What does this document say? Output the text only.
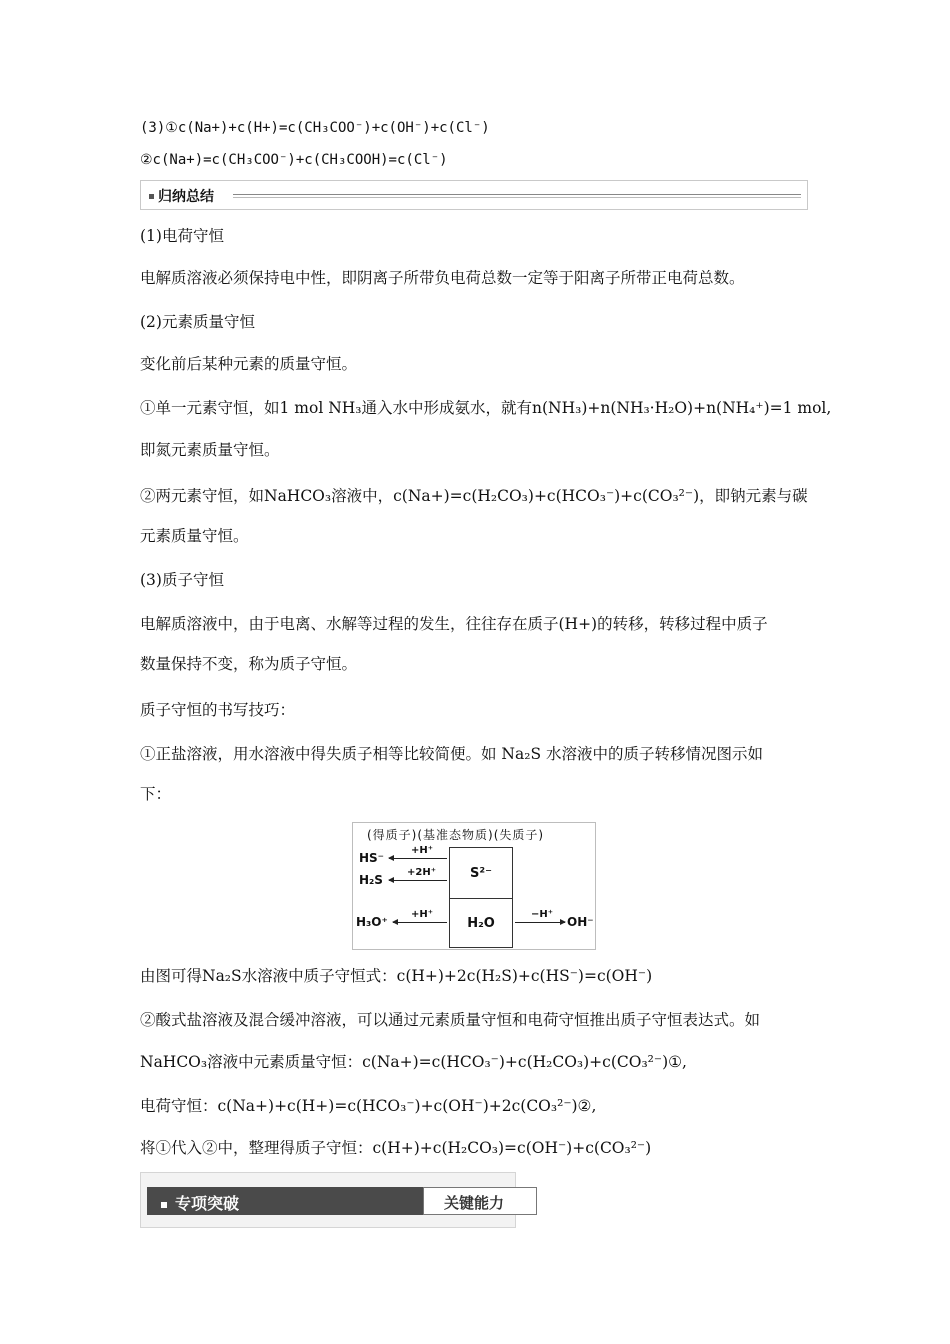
(3)①c(Na+)+c(H+)=c(CH₃COO⁻)+c(OH⁻)+c(Cl⁻)
②c(Na+)=c(CH₃COO⁻)+c(CH₃COOH)=c(Cl⁻)
归纳总结
(1)电荷守恒
电解质溶液必须保持电中性，即阴离子所带负电荷总数一定等于阳离子所带正电荷总数。
(2)元素质量守恒
变化前后某种元素的质量守恒。
①单一元素守恒，如1 mol NH₃通入水中形成氨水，就有n(NH₃)+n(NH₃·H₂O)+n(NH₄⁺)=1 mol,
即氮元素质量守恒。
②两元素守恒，如NaHCO₃溶液中，c(Na+)=c(H₂CO₃)+c(HCO₃⁻)+c(CO₃²⁻)，即钠元素与碳
元素质量守恒。
(3)质子守恒
电解质溶液中，由于电离、水解等过程的发生，往往存在质子(H+)的转移，转移过程中质子
数量保持不变，称为质子守恒。
质子守恒的书写技巧：
①正盐溶液，用水溶液中得失质子相等比较简便。如 Na₂S 水溶液中的质子转移情况图示如
下：
(得质子)(基准态物质)(失质子)
S²⁻
H₂O
HS⁻
+H⁺
H₂S
+2H⁺
H₃O⁺
+H⁺	−H⁺
OH⁻
由图可得Na₂S水溶液中质子守恒式：c(H+)+2c(H₂S)+c(HS⁻)=c(OH⁻)
②酸式盐溶液及混合缓冲溶液，可以通过元素质量守恒和电荷守恒推出质子守恒表达式。如
NaHCO₃溶液中元素质量守恒：c(Na+)=c(HCO₃⁻)+c(H₂CO₃)+c(CO₃²⁻)①,
电荷守恒：c(Na+)+c(H+)=c(HCO₃⁻)+c(OH⁻)+2c(CO₃²⁻)②,
将①代入②中，整理得质子守恒：c(H+)+c(H₂CO₃)=c(OH⁻)+c(CO₃²⁻)
专项突破	关键能力
